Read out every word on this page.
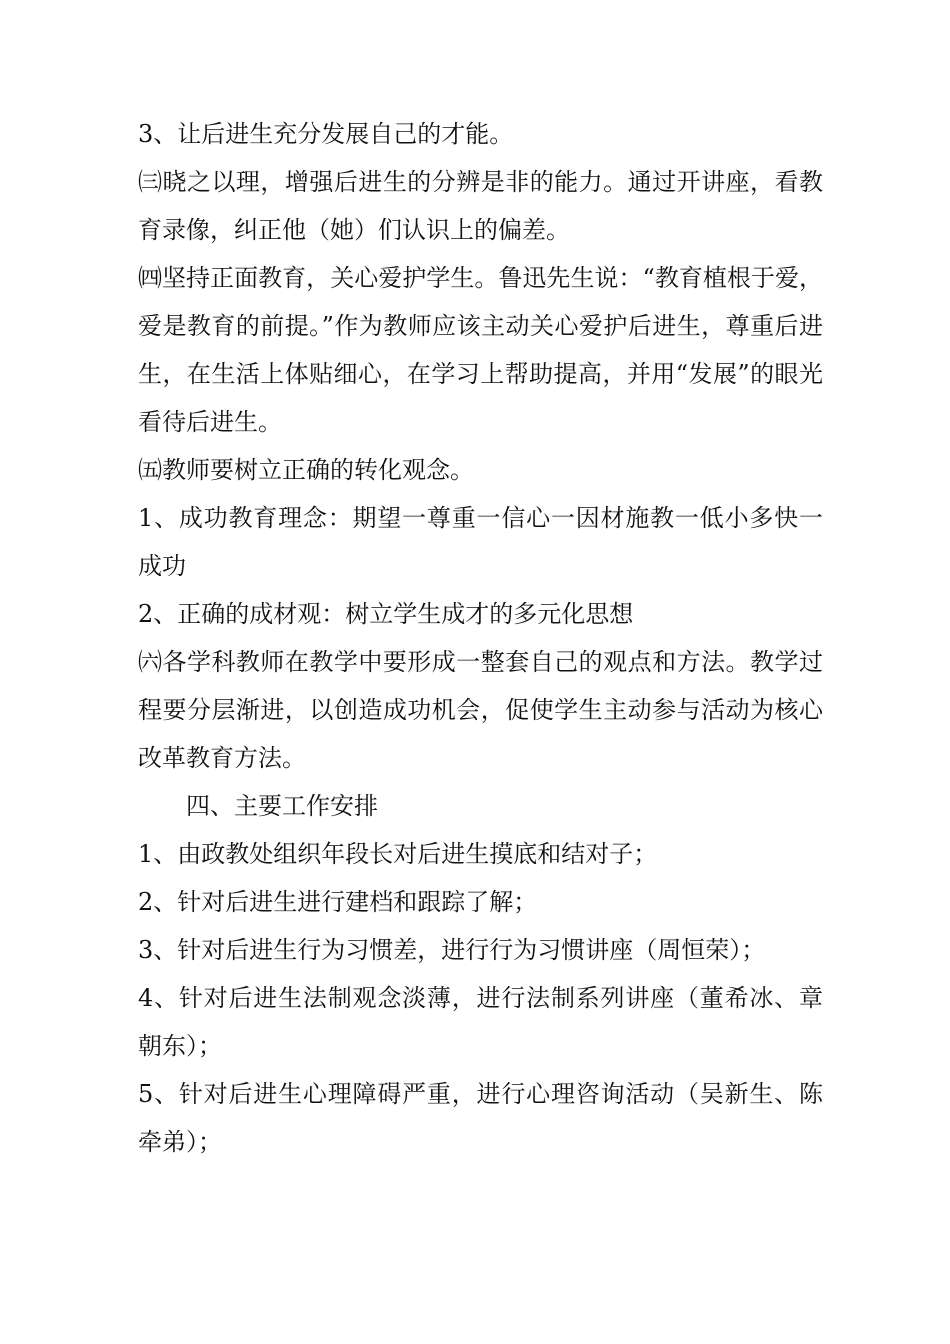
3、让后进生充分发展自己的才能。

㈢晓之以理，增强后进生的分辨是非的能力。通过开讲座，看教育录像，纠正他（她）们认识上的偏差。

㈣坚持正面教育，关心爱护学生。鲁迅先生说：“教育植根于爱，爱是教育的前提。”作为教师应该主动关心爱护后进生，尊重后进生，在生活上体贴细心，在学习上帮助提高，并用“发展”的眼光看待后进生。

㈤教师要树立正确的转化观念。

1、成功教育理念：期望一尊重一信心一因材施教一低小多快一成功

2、正确的成材观：树立学生成才的多元化思想

㈥各学科教师在教学中要形成一整套自己的观点和方法。教学过程要分层渐进，以创造成功机会，促使学生主动参与活动为核心改革教育方法。

四、主要工作安排

1、由政教处组织年段长对后进生摸底和结对子；

2、针对后进生进行建档和跟踪了解；

3、针对后进生行为习惯差，进行行为习惯讲座（周恒荣）；

4、针对后进生法制观念淡薄，进行法制系列讲座（董希冰、章朝东）；

5、针对后进生心理障碍严重，进行心理咨询活动（吴新生、陈牵弟）；
